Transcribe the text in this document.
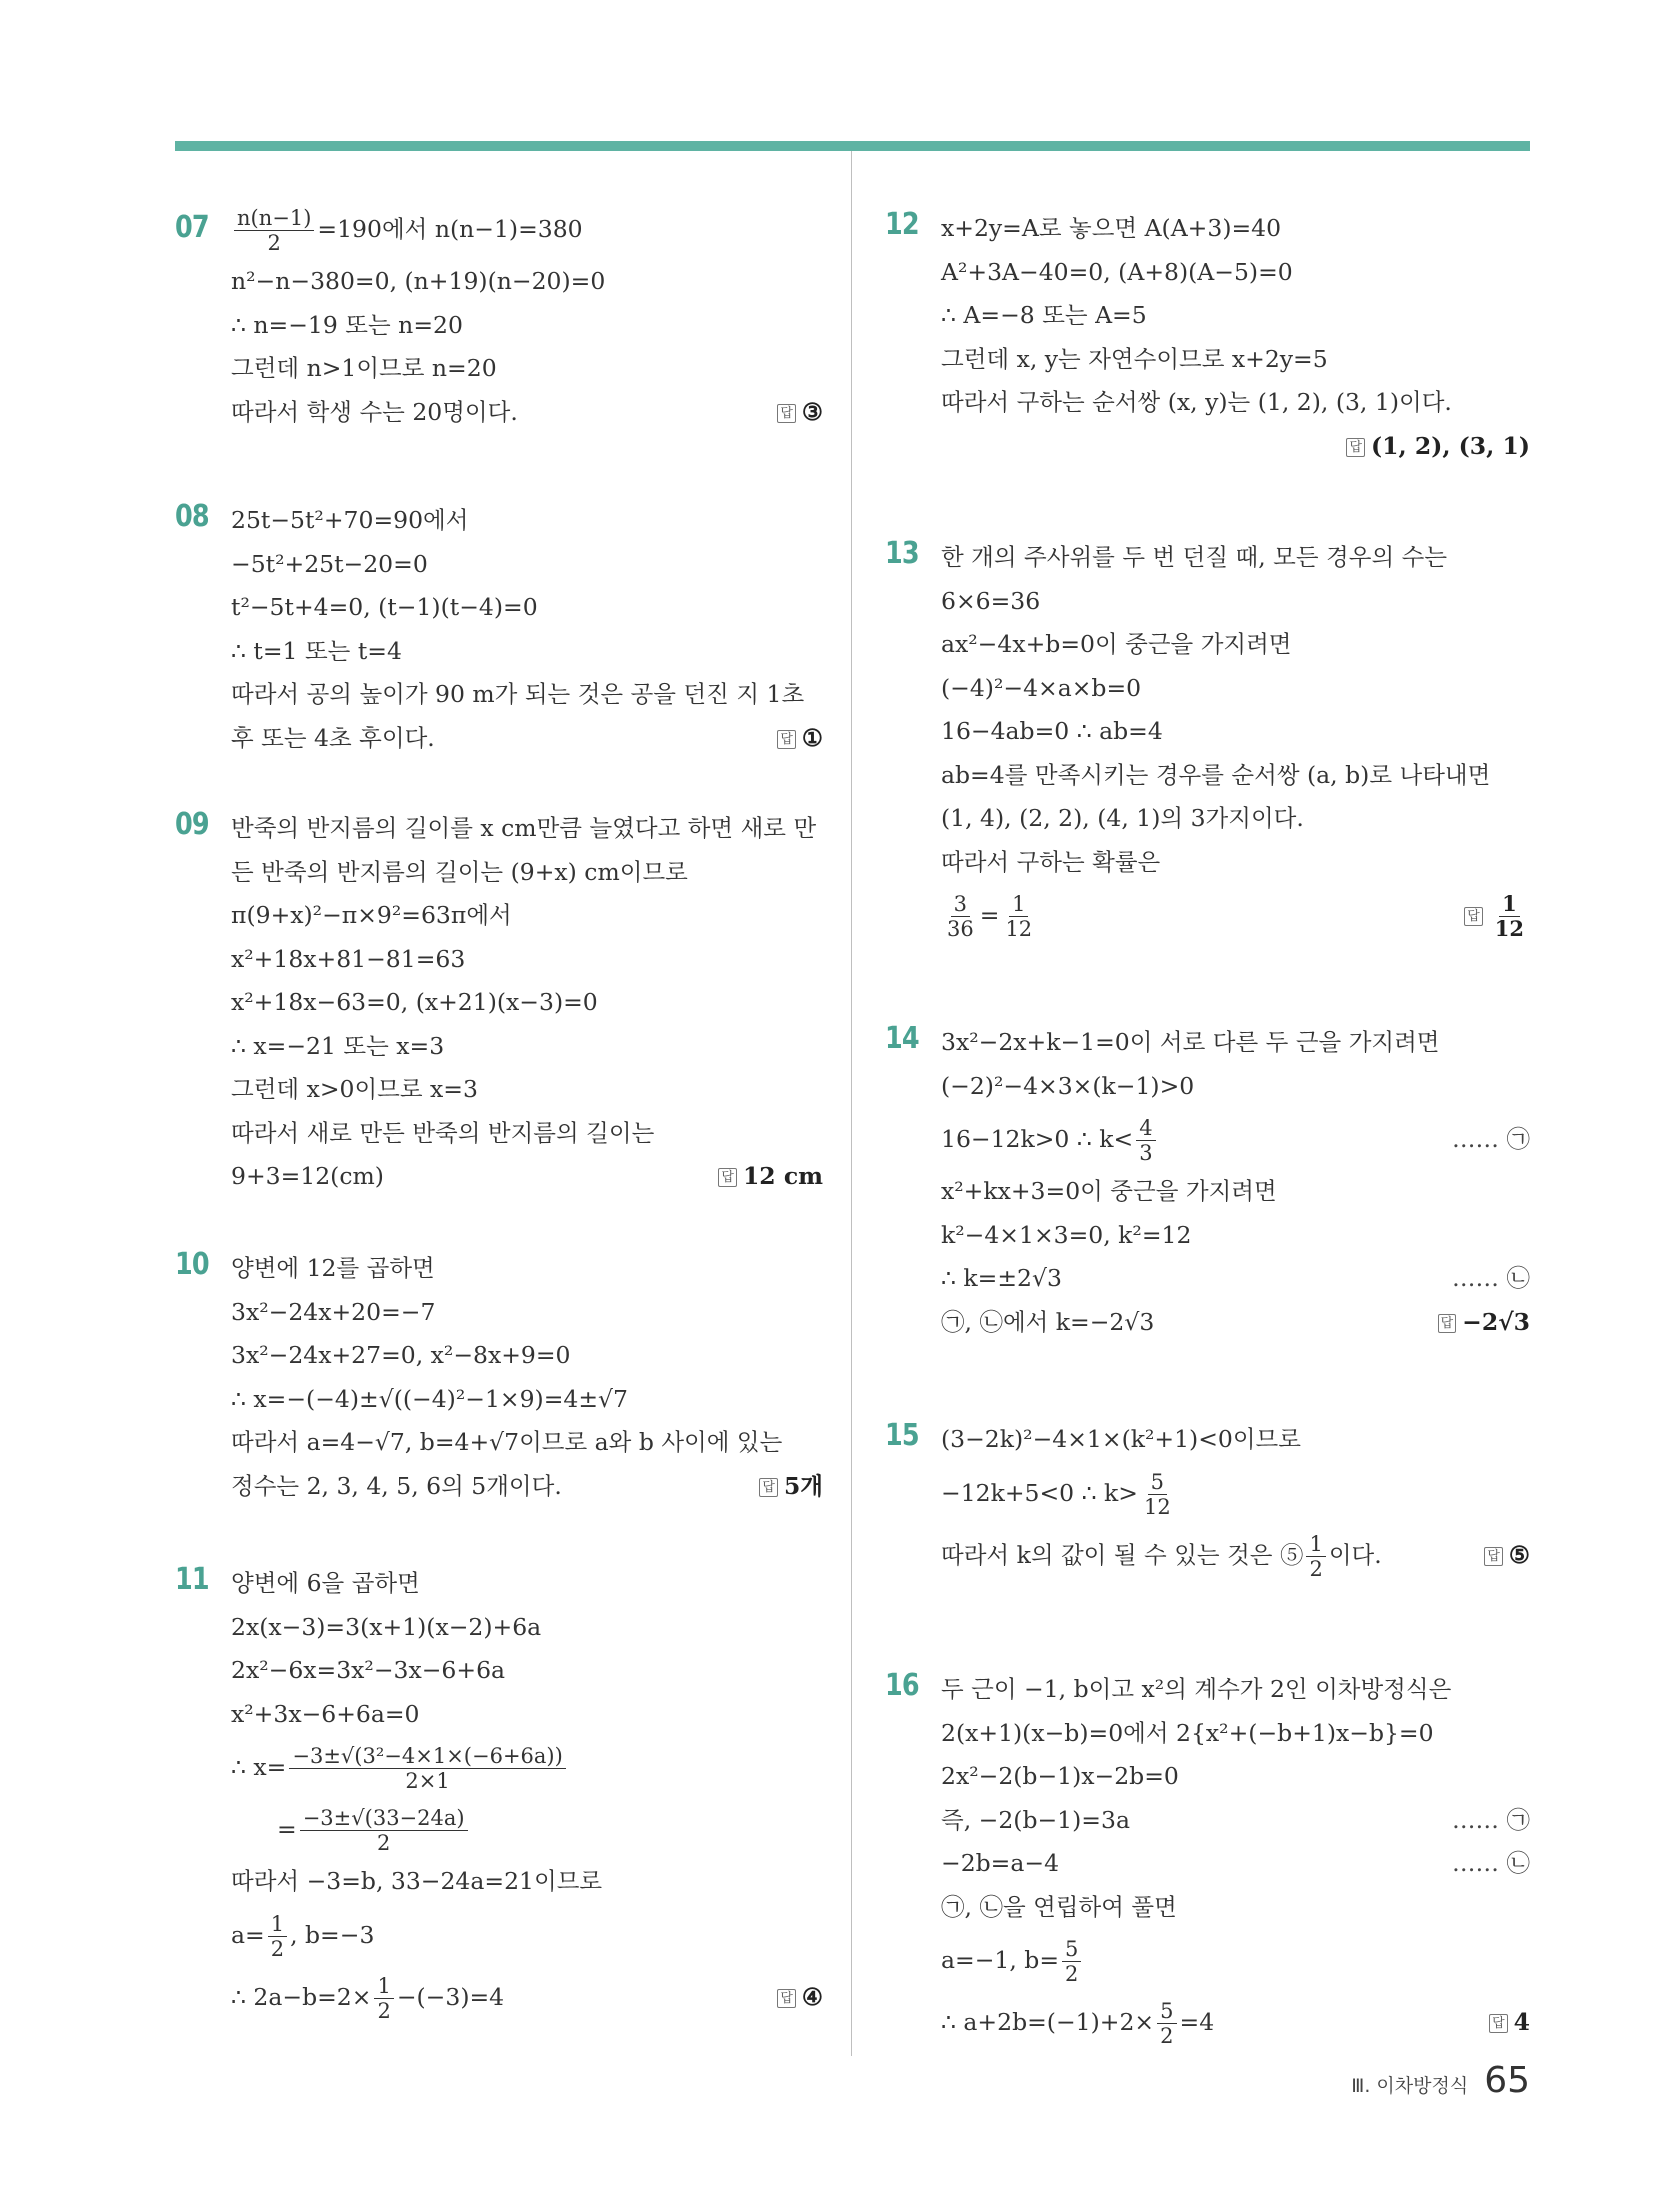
$07 \frac{n(n-1)}{2} =190$에서 n(n−1)=380
n²−n−380=0, (n+19)(n−20)=0
∴ n=−19 또는 n=20
그런데 n>1이므로 n=20
따라서 학생 수는 20명이다.	답 ③
08 25t−5t²+70=90에서
−5t²+25t−20=0
t²−5t+4=0, (t−1)(t−4)=0
∴ t=1 또는 t=4
따라서 공의 높이가 90 m가 되는 것은 공을 던진 지 1초
후 또는 4초 후이다.	답 ①
09 반죽의 반지름의 길이를 x cm만큼 늘였다고 하면 새로 만
든 반죽의 반지름의 길이는 (9+x) cm이므로
π(9+x)²−π×9²=63π에서
x²+18x+81−81=63
x²+18x−63=0, (x+21)(x−3)=0
∴ x=−21 또는 x=3
그런데 x>0이므로 x=3
따라서 새로 만든 반죽의 반지름의 길이는
9+3=12(cm)	답 12 cm
10 양변에 12를 곱하면
3x²−24x+20=−7
3x²−24x+27=0, x²−8x+9=0
∴ x=−(−4)±√((−4)²−1×9)=4±√7
따라서 a=4−√7, b=4+√7이므로 a와 b 사이에 있는
정수는 2, 3, 4, 5, 6의 5개이다.	답 5개
11 양변에 6을 곱하면
2x(x−3)=3(x+1)(x−2)+6a
2x²−6x=3x²−3x−6+6a
x²+3x−6+6a=0
∴ $x= \frac{\text{−3±√(3²−4×1×(−6+6a))}}{2\times 1}$
= $\frac{-3\pm√(33-24a)}{2}$
따라서 −3=b, 33−24a=21이므로
$a= \frac{1}{2}$ , b=−3
∴ $2a-b=2\times \frac{1}{2} -(-3)=4$	답 ④
12 x+2y=A로 놓으면 A(A+3)=40
A²+3A−40=0, (A+8)(A−5)=0
∴ A=−8 또는 A=5
그런데 x, y는 자연수이므로 x+2y=5
따라서 구하는 순서쌍 (x, y)는 (1, 2), (3, 1)이다.
답 (1, 2), (3, 1)
13 한 개의 주사위를 두 번 던질 때, 모든 경우의 수는
6×6=36
ax²−4x+b=0이 중근을 가지려면
(−4)²−4×a×b=0
16−4ab=0 ∴ ab=4
ab=4를 만족시키는 경우를 순서쌍 (a, b)로 나타내면
(1, 4), (2, 2), (4, 1)의 3가지이다.
따라서 구하는 확률은
$\frac{3}{36} = \frac{1}{12}$	답 $\frac{1}{12}$
14 3x²−2x+k−1=0이 서로 다른 두 근을 가지려면
(−2)²−4×3×(k−1)>0
16−12k>0 ∴ $k< \frac{4}{3}$	…… ㉠
x²+kx+3=0이 중근을 가지려면
k²−4×1×3=0, k²=12
∴ k=±2√3	…… ㉡
㉠, ㉡에서 k=−2√3	답 −2√3
15 (3−2k)²−4×1×(k²+1)<0이므로
−12k+5<0 ∴ $k> \frac{5}{12}$
따라서 k의 값이 될 수 있는 것은 ⑤ $\frac{1}{2}$ 이다.	답 ⑤
16 두 근이 −1, b이고 x²의 계수가 2인 이차방정식은
2(x+1)(x−b)=0에서 2{x²+(−b+1)x−b}=0
2x²−2(b−1)x−2b=0
즉, −2(b−1)=3a	…… ㉠
−2b=a−4	…… ㉡
㉠, ㉡을 연립하여 풀면
a=−1, $b= \frac{5}{2}$
∴ $a+2b=(-1)+2\times \frac{5}{2} =4$	답 4
Ⅲ. 이차방정식 65
